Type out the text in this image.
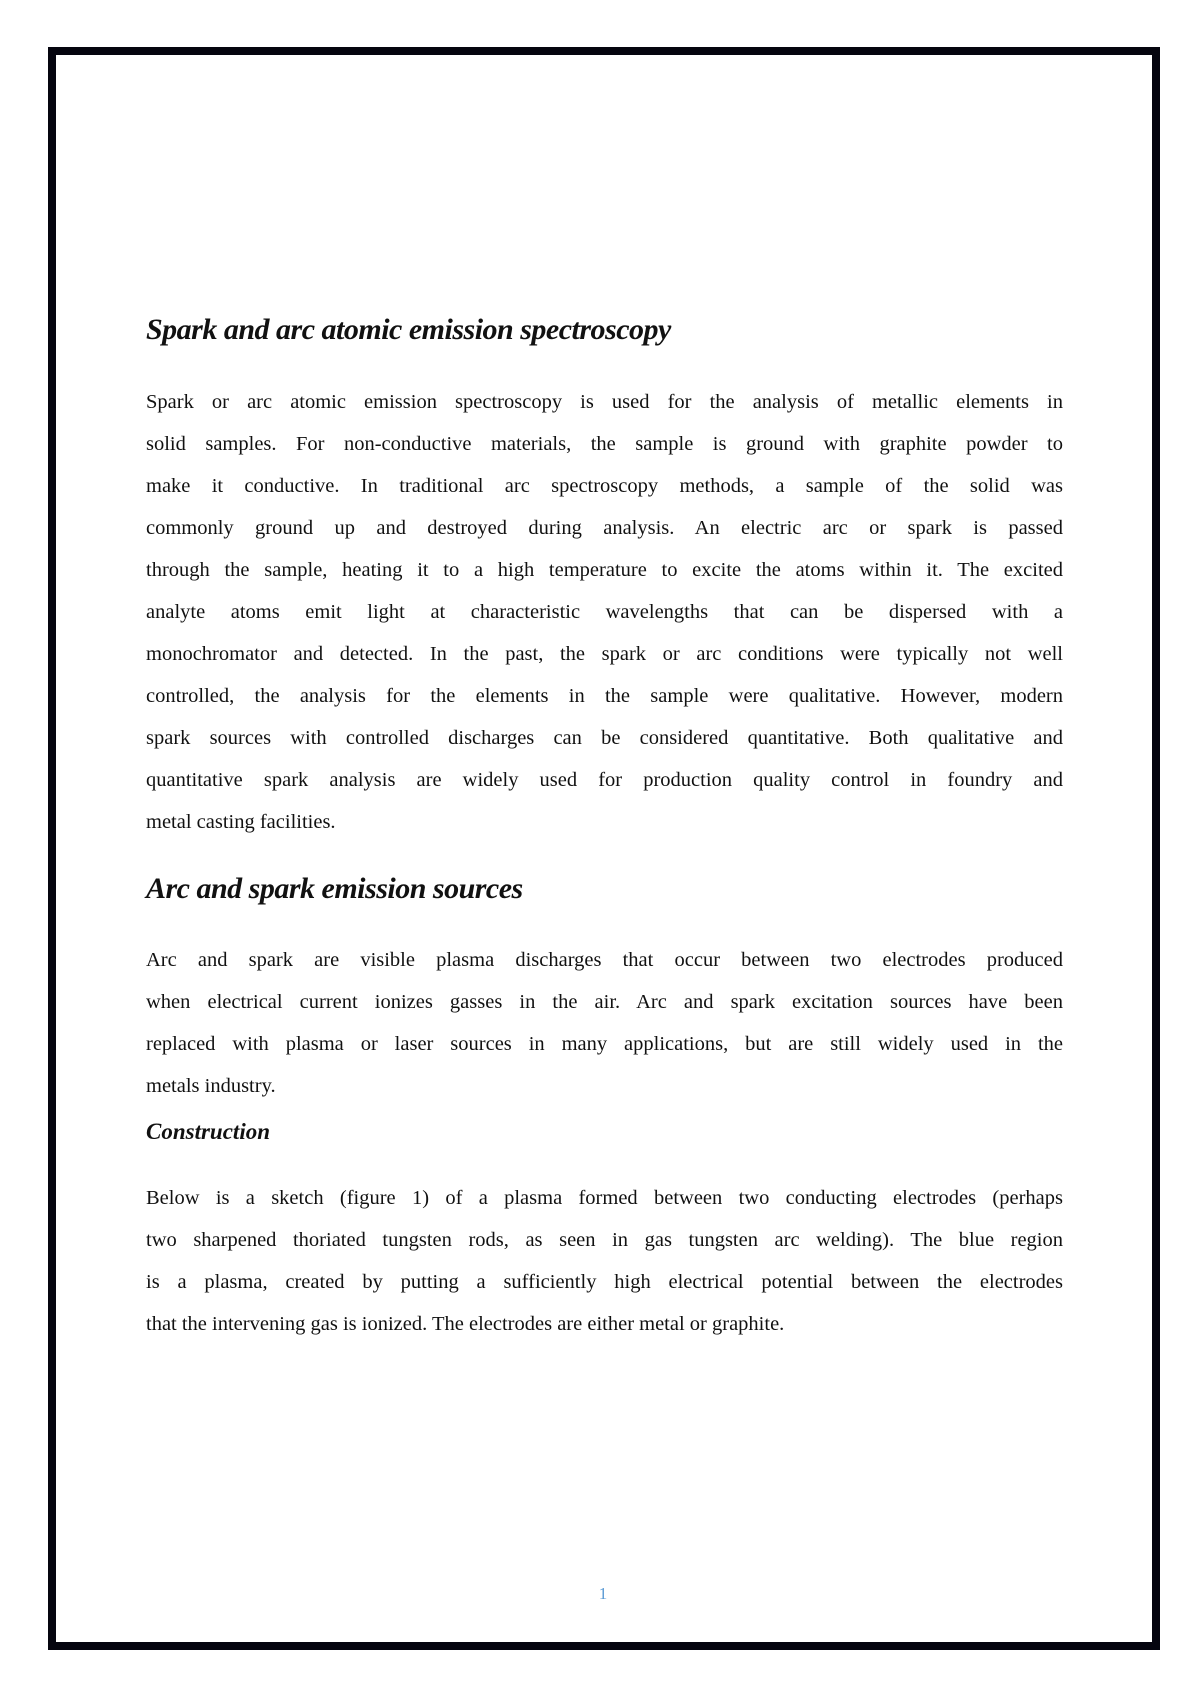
Spark and arc atomic emission spectroscopy
Spark or arc atomic emission spectroscopy is used for the analysis of metallic elements in
solid samples. For non-conductive materials, the sample is ground with graphite powder to
make it conductive. In traditional arc spectroscopy methods, a sample of the solid was
commonly ground up and destroyed during analysis. An electric arc or spark is passed
through the sample, heating it to a high temperature to excite the atoms within it. The excited
analyte atoms emit light at characteristic wavelengths that can be dispersed with a
monochromator and detected. In the past, the spark or arc conditions were typically not well
controlled, the analysis for the elements in the sample were qualitative. However, modern
spark sources with controlled discharges can be considered quantitative. Both qualitative and
quantitative spark analysis are widely used for production quality control in foundry and
metal casting facilities.
Arc and spark emission sources
Arc and spark are visible plasma discharges that occur between two electrodes produced
when electrical current ionizes gasses in the air. Arc and spark excitation sources have been
replaced with plasma or laser sources in many applications, but are still widely used in the
metals industry.
Construction
Below is a sketch (figure 1) of a plasma formed between two conducting electrodes (perhaps
two sharpened thoriated tungsten rods, as seen in gas tungsten arc welding). The blue region
is a plasma, created by putting a sufficiently high electrical potential between the electrodes
that the intervening gas is ionized. The electrodes are either metal or graphite.
1
